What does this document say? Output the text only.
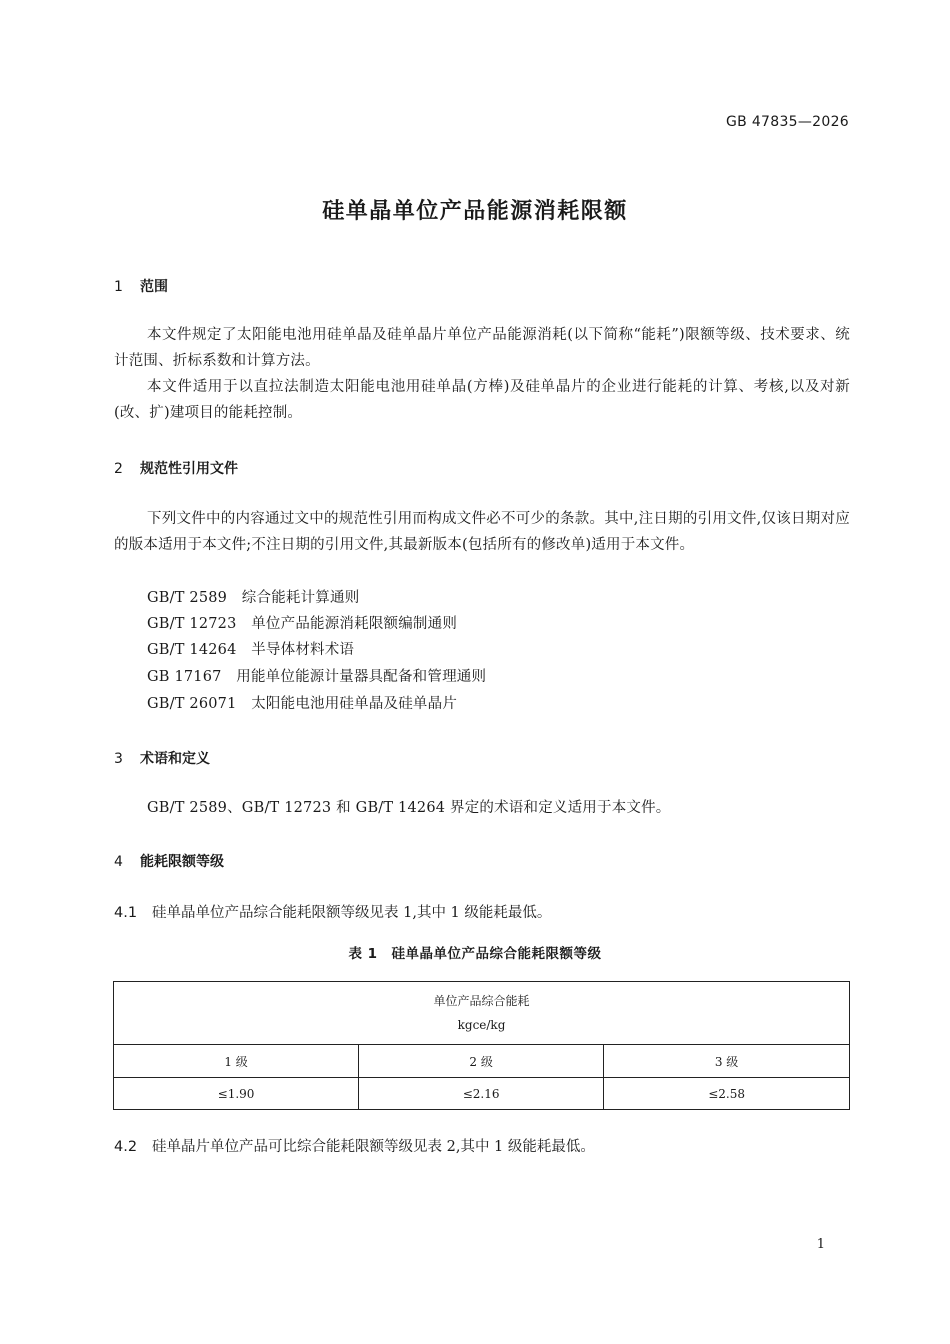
GB 47835—2026
硅单晶单位产品能源消耗限额
1 范围
本文件规定了太阳能电池用硅单晶及硅单晶片单位产品能源消耗(以下简称“能耗”)限额等级、技术要求、统计范围、折标系数和计算方法。
本文件适用于以直拉法制造太阳能电池用硅单晶(方棒)及硅单晶片的企业进行能耗的计算、考核,以及对新(改、扩)建项目的能耗控制。
2 规范性引用文件
下列文件中的内容通过文中的规范性引用而构成文件必不可少的条款。其中,注日期的引用文件,仅该日期对应的版本适用于本文件;不注日期的引用文件,其最新版本(包括所有的修改单)适用于本文件。
GB/T 2589　综合能耗计算通则
GB/T 12723　单位产品能源消耗限额编制通则
GB/T 14264　半导体材料术语
GB 17167　用能单位能源计量器具配备和管理通则
GB/T 26071　太阳能电池用硅单晶及硅单晶片
3 术语和定义
GB/T 2589、GB/T 12723 和 GB/T 14264 界定的术语和定义适用于本文件。
4 能耗限额等级
4.1 硅单晶单位产品综合能耗限额等级见表 1,其中 1 级能耗最低。
表 1　硅单晶单位产品综合能耗限额等级
单位产品综合能耗
kgce/kg		

1 级	2 级	3 级
≤1.90	≤2.16	≤2.58
4.2 硅单晶片单位产品可比综合能耗限额等级见表 2,其中 1 级能耗最低。
1
